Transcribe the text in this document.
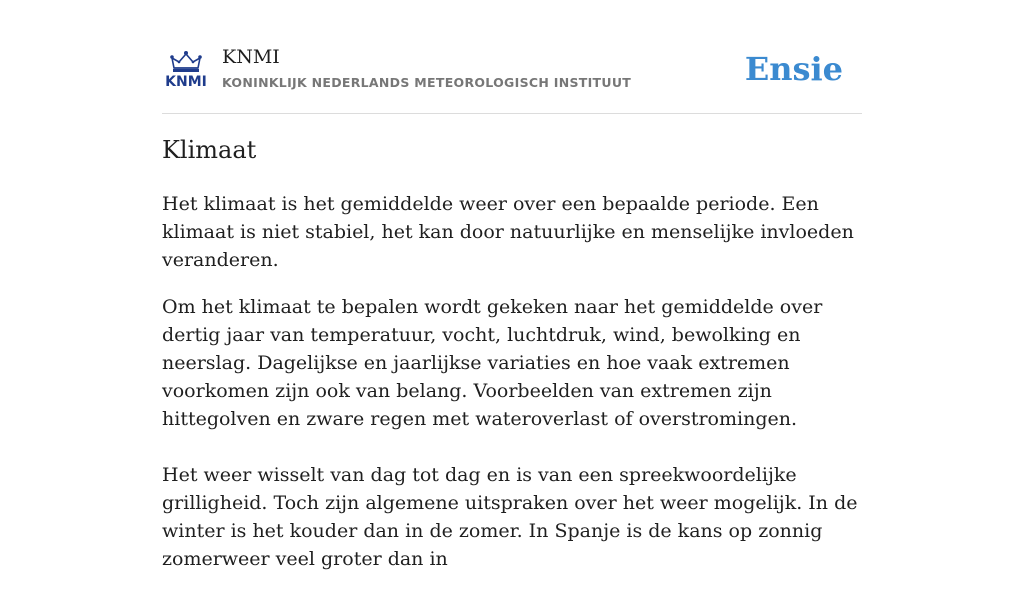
KNMI
KNMI
KONINKLIJK NEDERLANDS METEOROLOGISCH INSTITUUT	Ensie
Klimaat

Het klimaat is het gemiddelde weer over een bepaalde periode. Een klimaat is niet stabiel, het kan door natuurlijke en menselijke invloeden veranderen.

Om het klimaat te bepalen wordt gekeken naar het gemiddelde over dertig jaar van temperatuur, vocht, luchtdruk, wind, bewolking en neerslag. Dagelijkse en jaarlijkse variaties en hoe vaak extremen voorkomen zijn ook van belang. Voorbeelden van extremen zijn hittegolven en zware regen met wateroverlast of overstromingen.

Het weer wisselt van dag tot dag en is van een spreekwoordelijke grilligheid. Toch zijn algemene uitspraken over het weer mogelijk. In de winter is het kouder dan in de zomer. In Spanje is de kans op zonnig zomerweer veel groter dan in
